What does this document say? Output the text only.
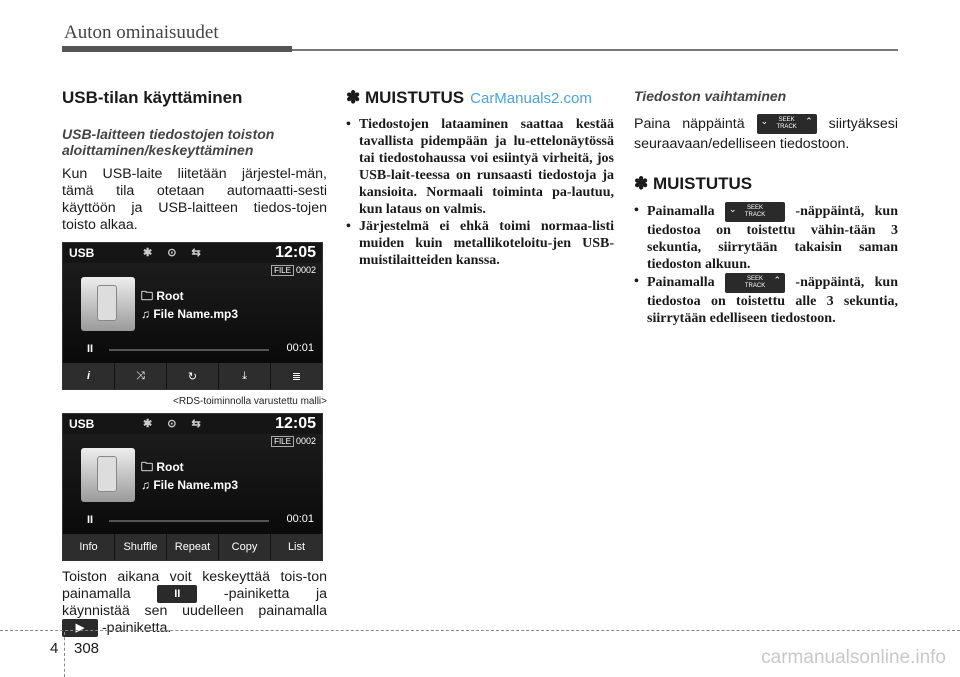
Auton ominaisuudet
USB-tilan käyttäminen
USB-laitteen tiedostojen toiston aloittaminen/keskeyttäminen

Kun USB-laite liitetään järjestel-män, tämä tila otetaan automaatti-sesti käyttöön ja USB-laitteen tiedos-tojen toisto alkaa.

USB	✱ ⊙ ⇆	12:05
FILE 0002
🗀 Root
♫ File Name.mp3
II	00:01
i	⤨	↻	⤓	≣
<RDS-toiminnolla varustettu malli>
USB	✱ ⊙ ⇆	12:05
FILE 0002
🗀 Root
♫ File Name.mp3
II	00:01
Info	Shuffle	Repeat	Copy	List

Toiston aikana voit keskeyttää tois-ton painamalla	II	-painiketta ja käynnistää sen uudelleen painamalla ▶ -painiketta.

✽ MUISTUTUS CarManuals2.com
• Tiedostojen lataaminen saattaa kestää tavallista pidempään ja lu-ettelonäytössä tai tiedostohaussa voi esiintyä virheitä, jos USB-lait-teessa on runsaasti tiedostoja ja kansioita. Normaali toiminta pa-lautuu, kun lataus on valmis.
• Järjestelmä ei ehkä toimi normaa-listi muiden kuin metallikoteloitu-jen USB-muistilaitteiden kanssa.
Tiedoston vaihtaminen

Paina näppäintä ⌄ SEEK
TRACK
⌃ siirtyäksesi seuraavaan/edelliseen tiedostoon.

✽ MUISTUTUS
• Painamalla ⌄ SEEK
TRACK -näppäintä, kun tiedostoa on toistettu vähin-tään 3 sekuntia, siirrytään takaisin saman tiedoston alkuun.
• Painamalla	SEEK
TRACK
⌃ -näppäintä, kun tiedostoa on toistettu alle 3 sekuntia, siirrytään edelliseen tiedostoon.
4 308	carmanualsonline.info
